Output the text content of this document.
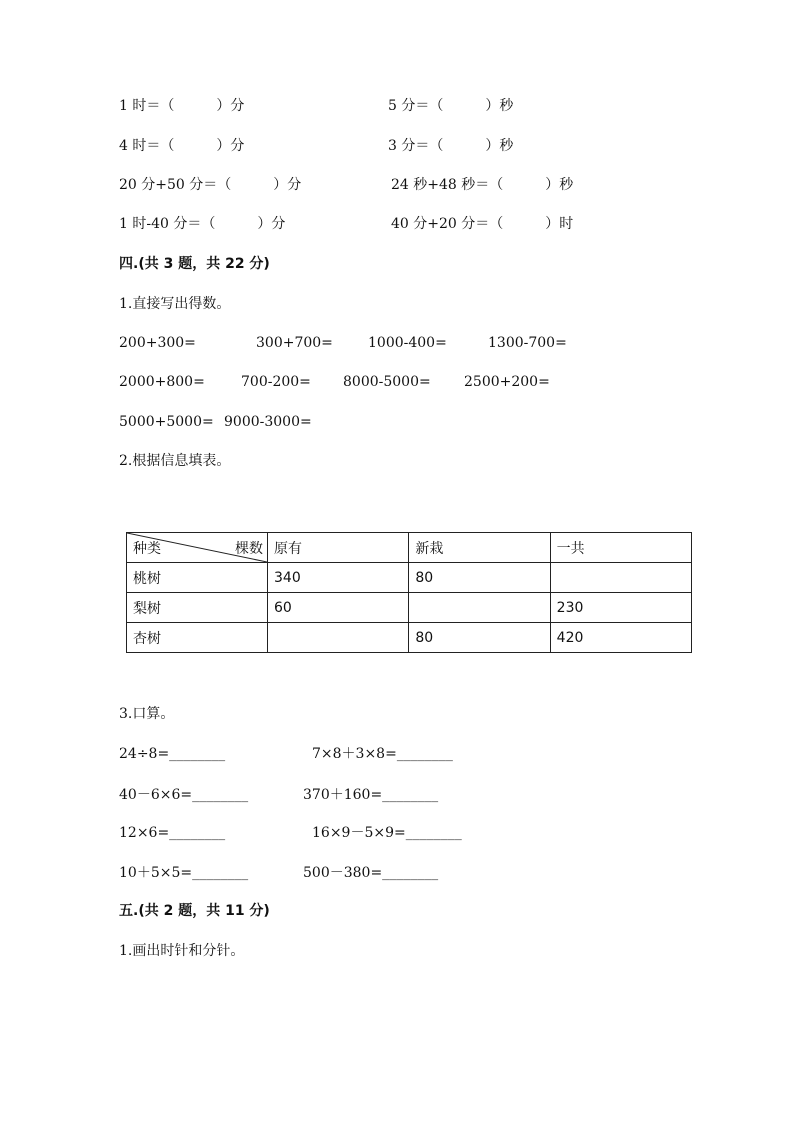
1 时＝（　　　）分	5 分＝（　　　）秒
4 时＝（　　　）分	3 分＝（　　　）秒
20 分+50 分＝（　　　）分	24 秒+48 秒＝（　　　）秒
1 时-40 分＝（　　　）分	40 分+20 分＝（　　　）时
四.(共 3 题，共 22 分)
1.直接写出得数。
200+300=	300+700=	1000-400=	1300-700=
2000+800=	700-200= 8000-5000= 2500+200=
5000+5000= 9000-3000=
2.根据信息填表。
种类 棵数	原有	新栽	一共
桃树	340	80	
梨树	60		230
杏树		80	420
3.口算。
24÷8=________	7×8＋3×8=________
40－6×6=________	370＋160=________
12×6=________	16×9－5×9=________
10＋5×5=________	500－380=________
五.(共 2 题，共 11 分)
1.画出时针和分针。
